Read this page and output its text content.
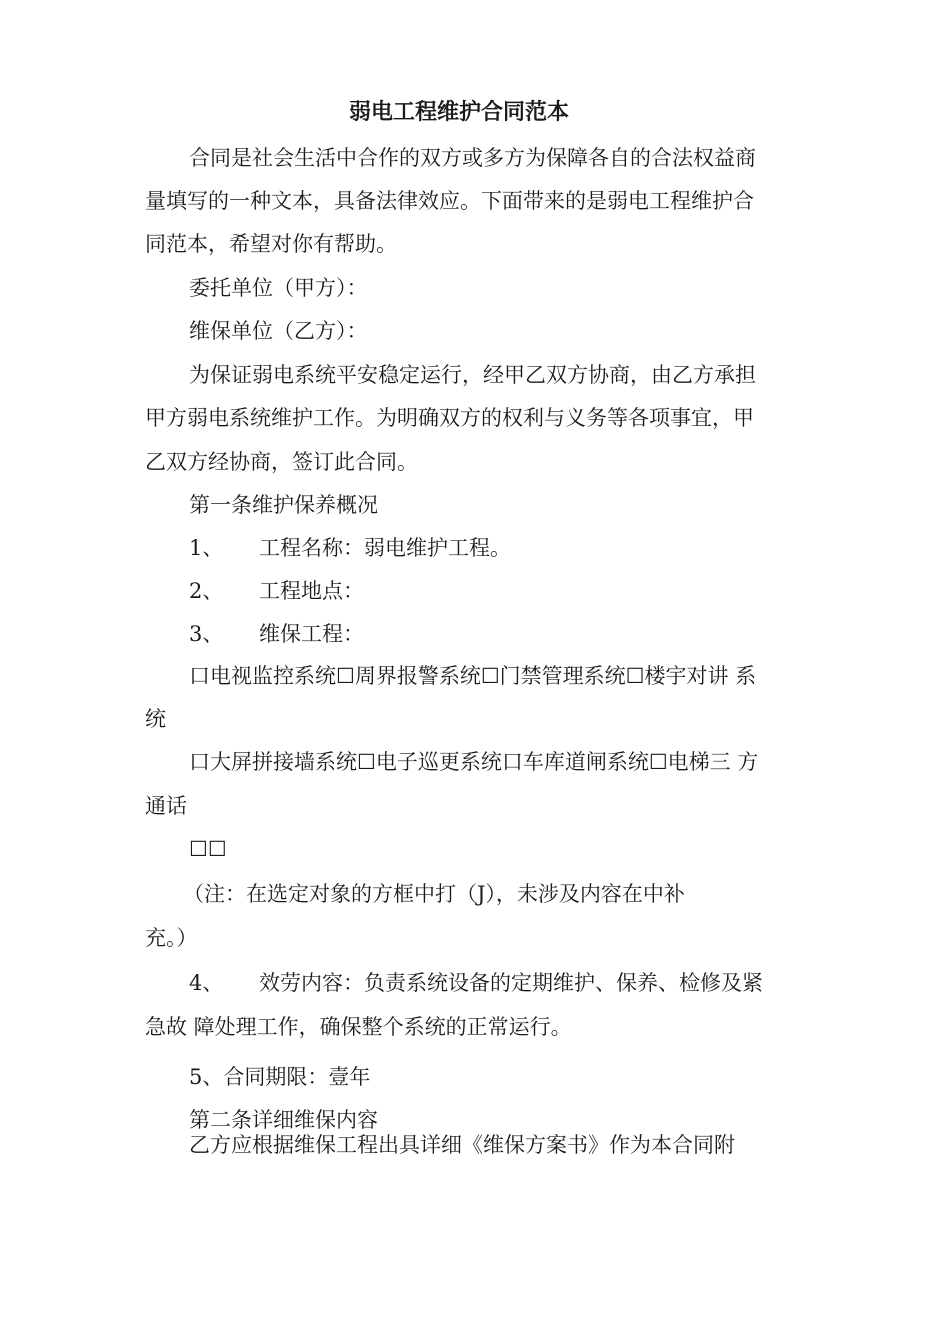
弱电工程维护合同范本
合同是社会生活中合作的双方或多方为保障各自的合法权益商
量填写的一种文本，具备法律效应。下面带来的是弱电工程维护合
同范本，希望对你有帮助。
委托单位（甲方）：
维保单位（乙方）：
为保证弱电系统平安稳定运行，经甲乙双方协商，由乙方承担
甲方弱电系统维护工作。为明确双方的权利与义务等各项事宜，甲
乙双方经协商，签订此合同。
第一条维护保养概况
1、 工程名称：弱电维护工程。
2、 工程地点：
3、 维保工程：
口电视监控系统☐周界报警系统☐门禁管理系统☐楼宇对讲 系
统
口大屏拼接墙系统☐电子巡更系统口车库道闸系统☐电梯三 方
通话
☐☐
（注：在选定对象的方框中打（J），未涉及内容在中补
充。）
4、 效劳内容：负责系统设备的定期维护、保养、检修及紧
急故 障处理工作，确保整个系统的正常运行。
5、合同期限：壹年
第二条详细维保内容
乙方应根据维保工程出具详细《维保方案书》作为本合同附
